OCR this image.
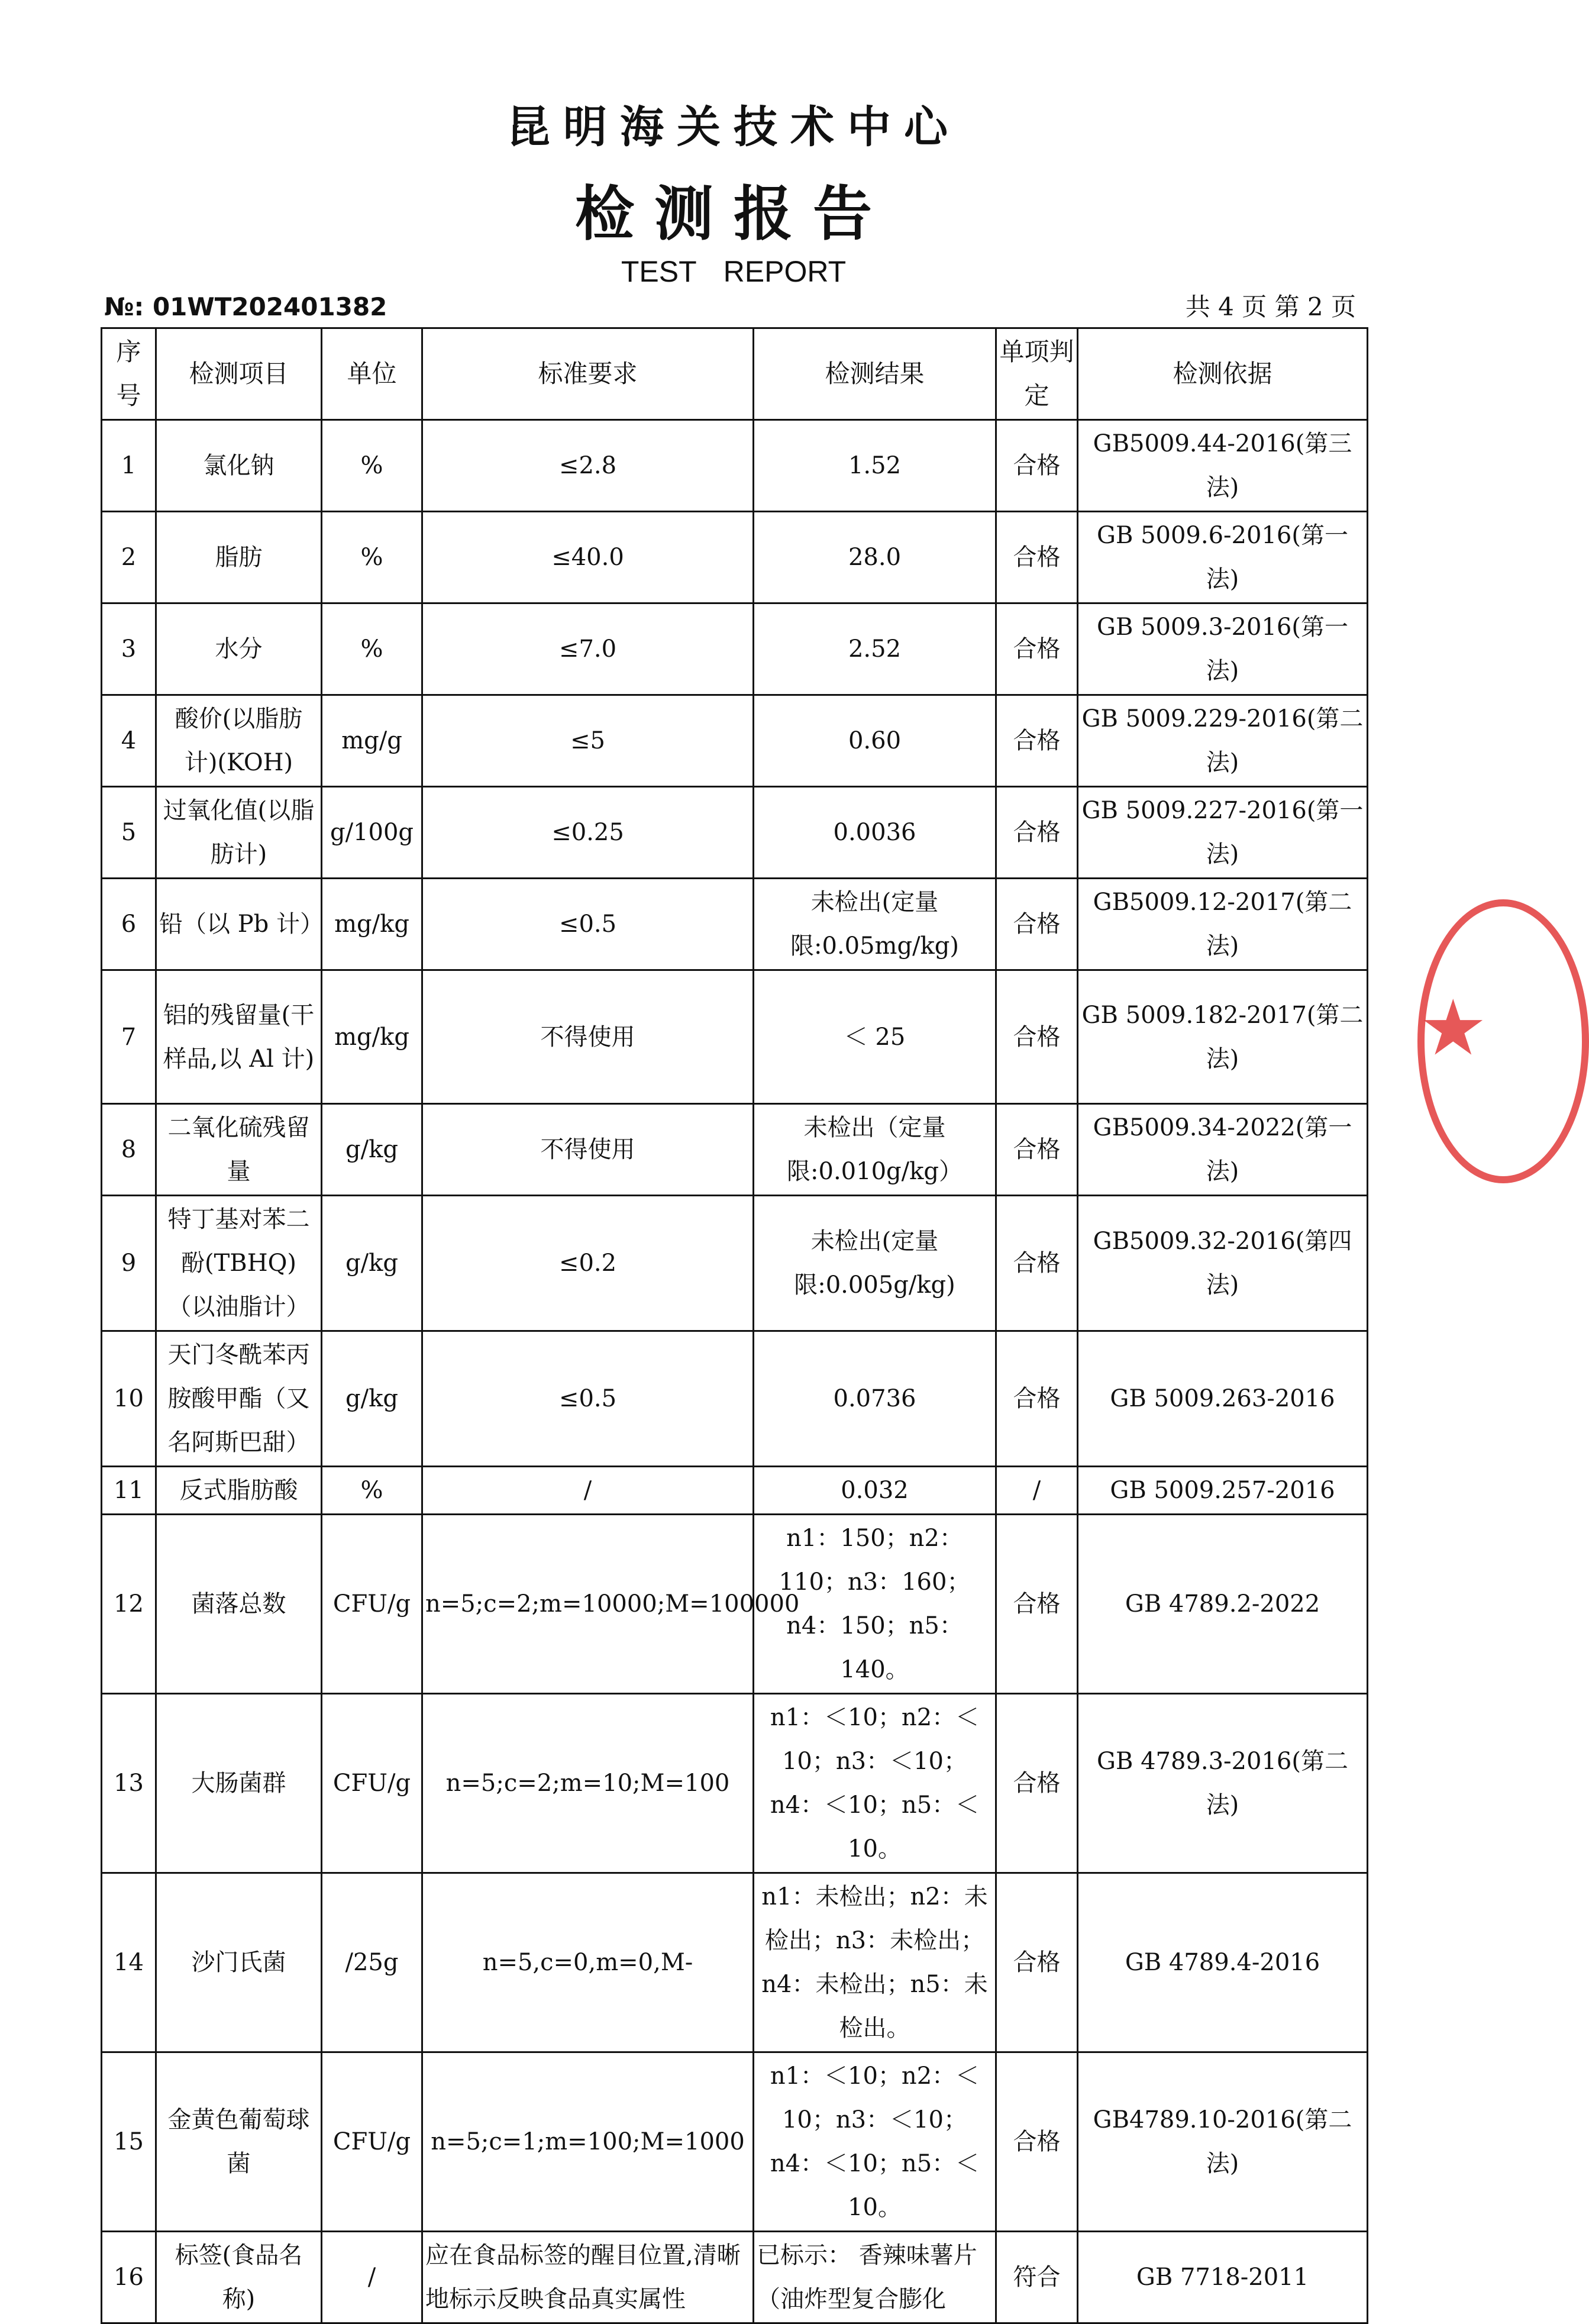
昆明海关技术中心
检测报告
TEST REPORT
№: 01WT202401382	共 4 页 第 2 页
序号	检测项目	单位	标准要求	检测结果	单项判定	检测依据
1	氯化钠	%	≤2.8	1.52	合格	GB5009.44-2016(第三法)
2	脂肪	%	≤40.0	28.0	合格	GB 5009.6-2016(第一法)
3	水分	%	≤7.0	2.52	合格	GB 5009.3-2016(第一法)
4	酸价(以脂肪计)(KOH)	mg/g	≤5	0.60	合格	GB 5009.229-2016(第二法)
5	过氧化值(以脂肪计)	g/100g	≤0.25	0.0036	合格	GB 5009.227-2016(第一法)
6	铅（以 Pb 计）	mg/kg	≤0.5	未检出(定量限:0.05mg/kg)	合格	GB5009.12-2017(第二法)
7	铝的残留量(干样品,以 Al 计)	mg/kg	不得使用	＜ 25	合格	GB 5009.182-2017(第二法)
8	二氧化硫残留量	g/kg	不得使用	未检出（定量限:0.010g/kg）	合格	GB5009.34-2022(第一法)
9	特丁基对苯二酚(TBHQ)（以油脂计）	g/kg	≤0.2	未检出(定量限:0.005g/kg)	合格	GB5009.32-2016(第四法)
10	天门冬酰苯丙胺酸甲酯（又名阿斯巴甜）	g/kg	≤0.5	0.0736	合格	GB 5009.263-2016
11	反式脂肪酸	%	/	0.032	/	GB 5009.257-2016
12	菌落总数	CFU/g	n=5;c=2;m=10000;M=100000	n1：150；n2：110；n3：160；n4：150；n5：140。	合格	GB 4789.2-2022
13	大肠菌群	CFU/g	n=5;c=2;m=10;M=100	n1：＜10；n2：＜10；n3：＜10；n4：＜10；n5：＜10。	合格	GB 4789.3-2016(第二法)
14	沙门氏菌	/25g	n=5,c=0,m=0,M-	n1：未检出；n2：未检出；n3：未检出；n4：未检出；n5：未检出。	合格	GB 4789.4-2016
15	金黄色葡萄球菌	CFU/g	n=5;c=1;m=100;M=1000	n1：＜10；n2：＜10；n3：＜10；n4：＜10；n5：＜10。	合格	GB4789.10-2016(第二法)
16	标签(食品名称)	/	应在食品标签的醒目位置,清晰地标示反映食品真实属性	已标示： 香辣味薯片（油炸型复合膨化	符合	GB 7718-2011
★
